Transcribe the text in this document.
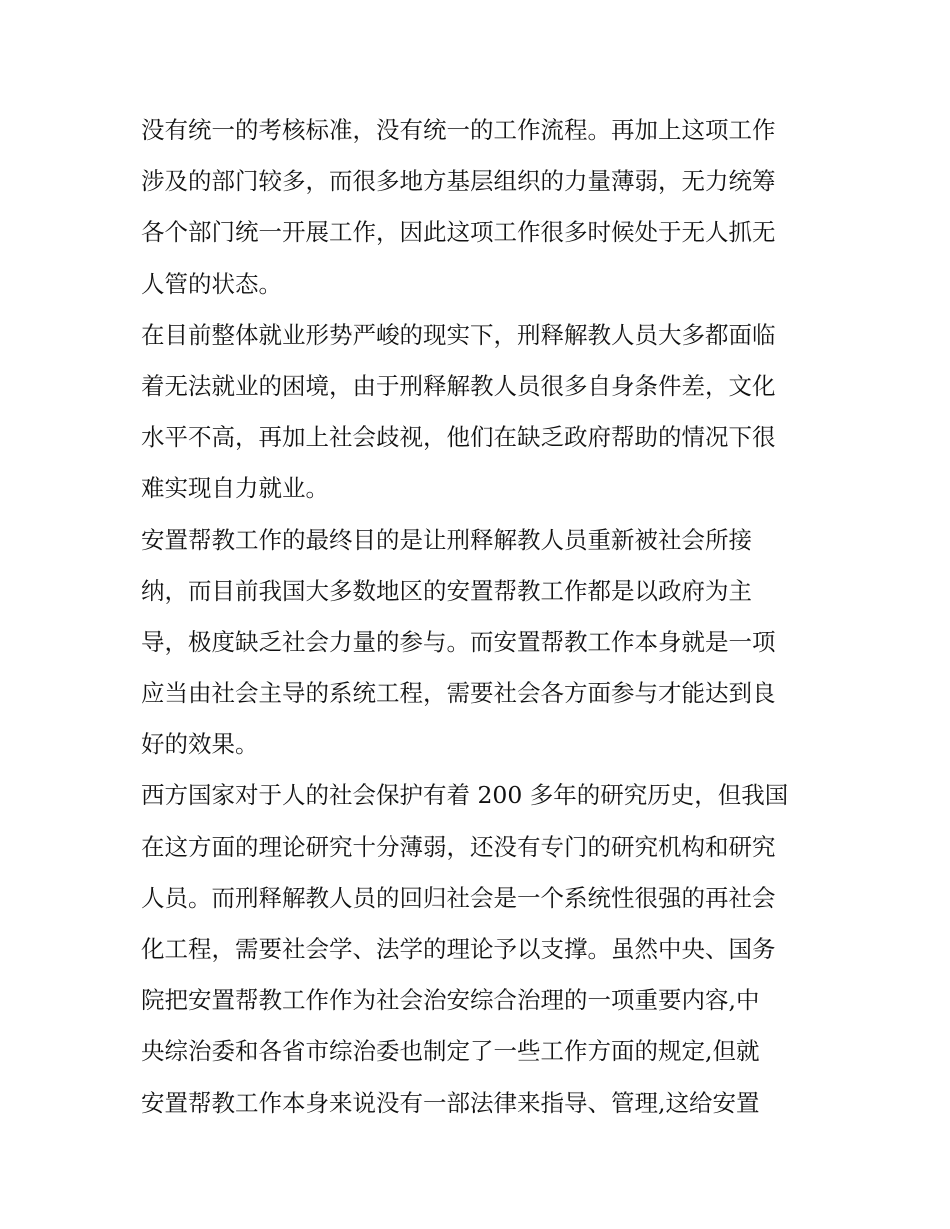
没有统一的考核标准，没有统一的工作流程。再加上这项工作
涉及的部门较多，而很多地方基层组织的力量薄弱，无力统筹
各个部门统一开展工作，因此这项工作很多时候处于无人抓无
人管的状态。
在目前整体就业形势严峻的现实下，刑释解教人员大多都面临
着无法就业的困境，由于刑释解教人员很多自身条件差，文化
水平不高，再加上社会歧视，他们在缺乏政府帮助的情况下很
难实现自力就业。
安置帮教工作的最终目的是让刑释解教人员重新被社会所接
纳，而目前我国大多数地区的安置帮教工作都是以政府为主
导，极度缺乏社会力量的参与。而安置帮教工作本身就是一项
应当由社会主导的系统工程，需要社会各方面参与才能达到良
好的效果。
西方国家对于人的社会保护有着 200 多年的研究历史，但我国
在这方面的理论研究十分薄弱，还没有专门的研究机构和研究
人员。而刑释解教人员的回归社会是一个系统性很强的再社会
化工程，需要社会学、法学的理论予以支撑。虽然中央、国务
院把安置帮教工作作为社会治安综合治理的一项重要内容,中
央综治委和各省市综治委也制定了一些工作方面的规定,但就
安置帮教工作本身来说没有一部法律来指导、管理,这给安置
